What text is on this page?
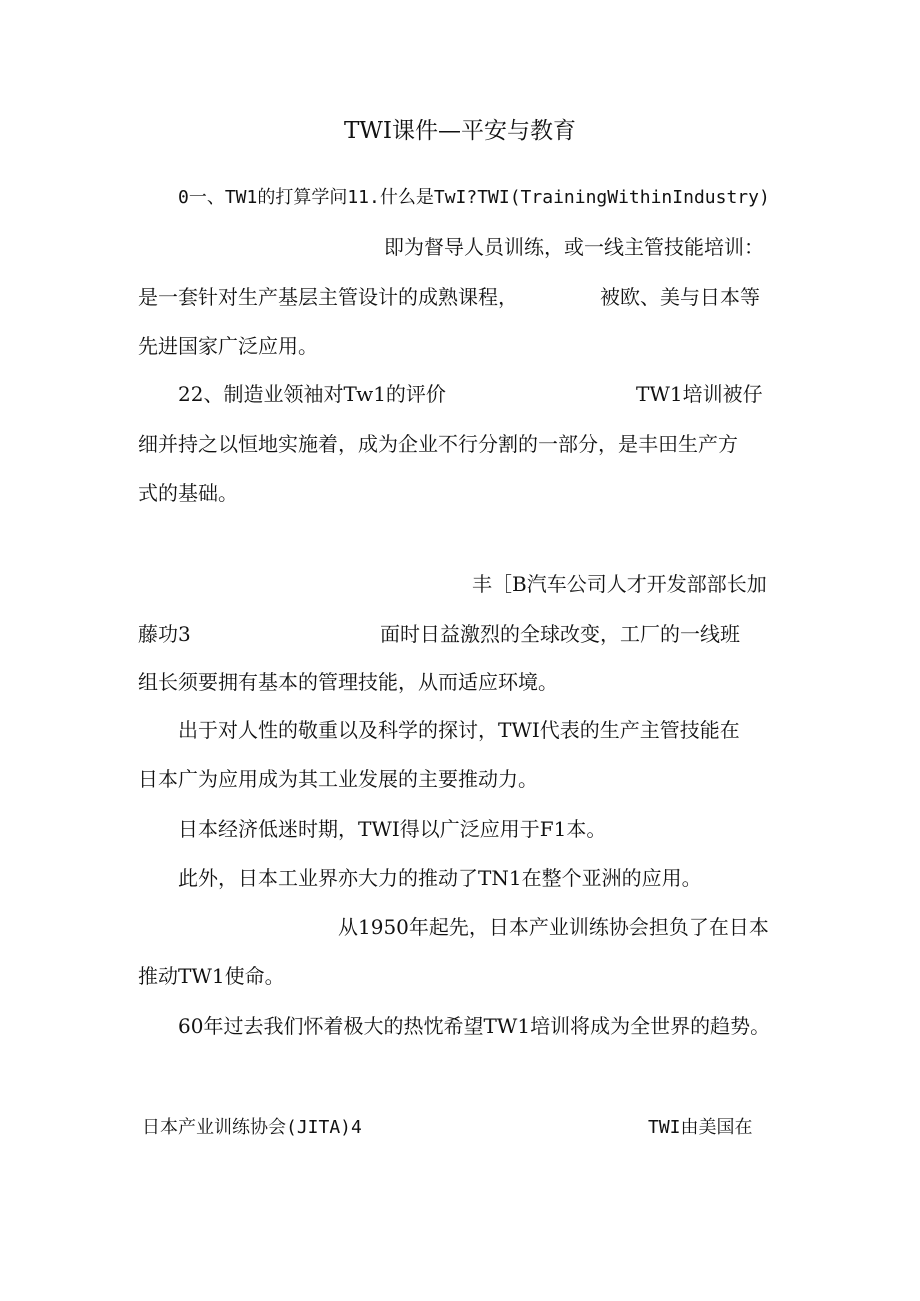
TWI课件—平安与教育

0一、TW1的打算学问11.什么是TwI?TWI(TrainingWithinIndustry)

即为督导人员训练，或一线主管技能培训：

是一套针对生产基层主管设计的成熟课程，	被欧、美与日本等

先进国家广泛应用。

22、制造业领袖对Tw1的评价	TW1培训被仔

细并持之以恒地实施着，成为企业不行分割的一部分，是丰田生产方

式的基础。

丰［B汽车公司人才开发部部长加

藤功3	面时日益激烈的全球改变，工厂的一线班

组长须要拥有基本的管理技能，从而适应环境。

出于对人性的敬重以及科学的探讨，TWI代表的生产主管技能在

日本广为应用成为其工业发展的主要推动力。

日本经济低迷时期，TWI得以广泛应用于F1本。

此外，日本工业界亦大力的推动了TN1在整个亚洲的应用。

从1950年起先，日本产业训练协会担负了在日本

推动TW1使命。

60年过去我们怀着极大的热忱希望TW1培训将成为全世界的趋势。

日本产业训练协会(JITA)4	TWI由美国在
